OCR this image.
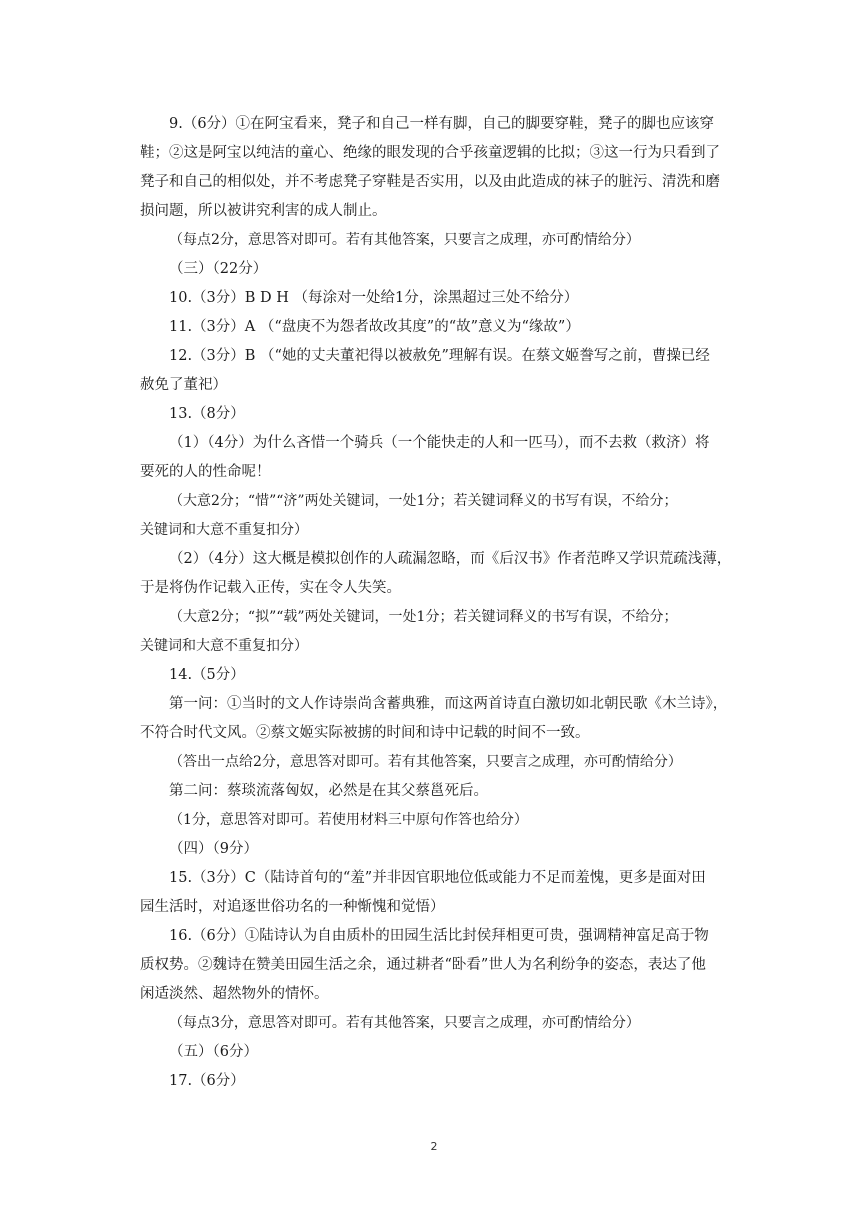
9.（6分）①在阿宝看来，凳子和自己一样有脚，自己的脚要穿鞋，凳子的脚也应该穿
鞋；②这是阿宝以纯洁的童心、绝缘的眼发现的合乎孩童逻辑的比拟；③这一行为只看到了
凳子和自己的相似处，并不考虑凳子穿鞋是否实用，以及由此造成的袜子的脏污、清洗和磨
损问题，所以被讲究利害的成人制止。
（每点2分，意思答对即可。若有其他答案，只要言之成理，亦可酌情给分）
（三）（22分）
10.（3分）B D H （每涂对一处给1分，涂黑超过三处不给分）
11.（3分）A （“盘庚不为怨者故改其度”的“故”意义为“缘故”）
12.（3分）B （“她的丈夫董祀得以被赦免”理解有误。在蔡文姬誊写之前，曹操已经
赦免了董祀）
13.（8分）
（1）（4分）为什么吝惜一个骑兵（一个能快走的人和一匹马），而不去救（救济）将
要死的人的性命呢！
（大意2分；“惜”“济”两处关键词，一处1分；若关键词释义的书写有误，不给分；
关键词和大意不重复扣分）
（2）（4分）这大概是模拟创作的人疏漏忽略，而《后汉书》作者范晔又学识荒疏浅薄，
于是将伪作记载入正传，实在令人失笑。
（大意2分；“拟”“载”两处关键词，一处1分；若关键词释义的书写有误，不给分；
关键词和大意不重复扣分）
14.（5分）
第一问：①当时的文人作诗崇尚含蓄典雅，而这两首诗直白激切如北朝民歌《木兰诗》，
不符合时代文风。②蔡文姬实际被掳的时间和诗中记载的时间不一致。
（答出一点给2分，意思答对即可。若有其他答案，只要言之成理，亦可酌情给分）
第二问：蔡琰流落匈奴，必然是在其父蔡邕死后。
（1分，意思答对即可。若使用材料三中原句作答也给分）
（四）（9分）
15.（3分）C（陆诗首句的“羞”并非因官职地位低或能力不足而羞愧，更多是面对田
园生活时，对追逐世俗功名的一种惭愧和觉悟）
16.（6分）①陆诗认为自由质朴的田园生活比封侯拜相更可贵，强调精神富足高于物
质权势。②魏诗在赞美田园生活之余，通过耕者“卧看”世人为名利纷争的姿态，表达了他
闲适淡然、超然物外的情怀。
（每点3分，意思答对即可。若有其他答案，只要言之成理，亦可酌情给分）
（五）（6分）
17.（6分）
2
